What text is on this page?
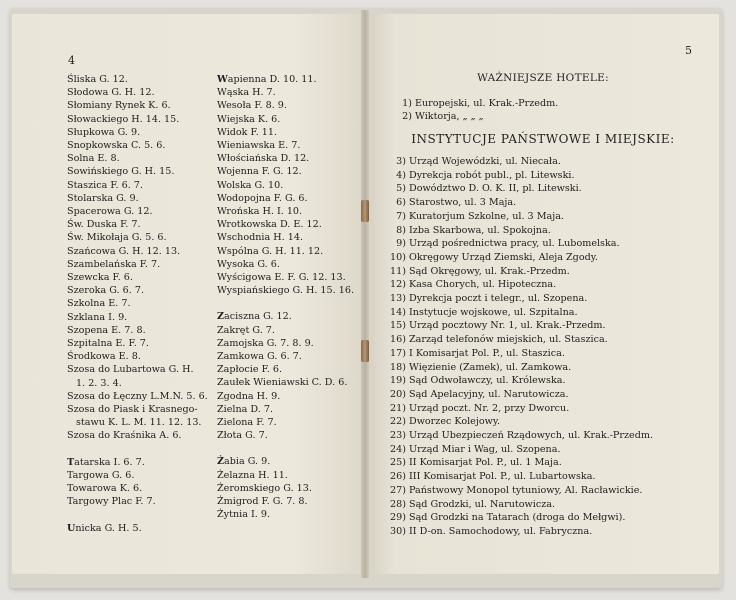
4
Śliska G. 12.
Słodowa G. H. 12.
Słomiany Rynek K. 6.
Słowackiego H. 14. 15.
Słupkowa G. 9.
Snopkowska C. 5. 6.
Solna E. 8.
Sowińskiego G. H. 15.
Staszica F. 6. 7.
Stolarska G. 9.
Spacerowa G. 12.
Św. Duska F. 7.
Św. Mikołaja G. 5. 6.
Szańcowa G. H. 12. 13.
Szambelańska F. 7.
Szewcka F. 6.
Szeroka G. 6. 7.
Szkolna E. 7.
Szklana I. 9.
Szopena E. 7. 8.
Szpitalna E. F. 7.
Środkowa E. 8.
Szosa do Lubartowa G. H.
1. 2. 3. 4.
Szosa do Łęczny L.M.N. 5. 6.
Szosa do Piask i Krasnego-
stawu K. L. M. 11. 12. 13.
Szosa do Kraśnika A. 6.
Tatarska I. 6. 7.
Targowa G. 6.
Towarowa K. 6.
Targowy Plac F. 7.
Unicka G. H. 5.
Wapienna D. 10. 11.
Wąska H. 7.
Wesoła F. 8. 9.
Wiejska K. 6.
Widok F. 11.
Wieniawska E. 7.
Włościańska D. 12.
Wojenna F. G. 12.
Wolska G. 10.
Wodopojna F. G. 6.
Wrońska H. I. 10.
Wrotkowska D. E. 12.
Wschodnia H. 14.
Wspólna G. H. 11. 12.
Wysoka G. 6.
Wyścigowa E. F. G. 12. 13.
Wyspiańskiego G. H. 15. 16.
Zaciszna G. 12.
Zakręt G. 7.
Zamojska G. 7. 8. 9.
Zamkowa G. 6. 7.
Zapłocie F. 6.
Zaułek Wieniawski C. D. 6.
Zgodna H. 9.
Zielna D. 7.
Zielona F. 7.
Złota G. 7.
Żabia G. 9.
Żelazna H. 11.
Żeromskiego G. 13.
Żmigrod F. G. 7. 8.
Żytnia I. 9.
5
WAŻNIEJSZE HOTELE:
1) Europejski, ul. Krak.-Przedm.
2) Wiktorja, „ „ „
INSTYTUCJE PAŃSTWOWE I MIEJSKIE:
3) Urząd Wojewódzki, ul. Niecała.
4) Dyrekcja robót publ., pl. Litewski.
5) Dowództwo D. O. K. II, pl. Litewski.
6) Starostwo, ul. 3 Maja.
7) Kuratorjum Szkolne, ul. 3 Maja.
8) Izba Skarbowa, ul. Spokojna.
9) Urząd pośrednictwa pracy, ul. Lubomelska.
10) Okręgowy Urząd Ziemski, Aleja Zgody.
11) Sąd Okręgowy, ul. Krak.-Przedm.
12) Kasa Chorych, ul. Hipoteczna.
13) Dyrekcja poczt i telegr., ul. Szopena.
14) Instytucje wojskowe, ul. Szpitalna.
15) Urząd pocztowy Nr. 1, ul. Krak.-Przedm.
16) Zarząd telefonów miejskich, ul. Staszica.
17) I Komisarjat Pol. P., ul. Staszica.
18) Więzienie (Zamek), ul. Zamkowa.
19) Sąd Odwoławczy, ul. Królewska.
20) Sąd Apelacyjny, ul. Narutowicza.
21) Urząd poczt. Nr. 2, przy Dworcu.
22) Dworzec Kolejowy.
23) Urząd Ubezpieczeń Rządowych, ul. Krak.-Przedm.
24) Urząd Miar i Wag, ul. Szopena.
25) II Komisarjat Pol. P., ul. 1 Maja.
26) III Komisarjat Pol. P., ul. Lubartowska.
27) Państwowy Monopol tytuniowy, Al. Racławickie.
28) Sąd Grodzki, ul. Narutowicza.
29) Sąd Grodzki na Tatarach (droga do Mełgwi).
30) II D-on. Samochodowy, ul. Fabryczna.
